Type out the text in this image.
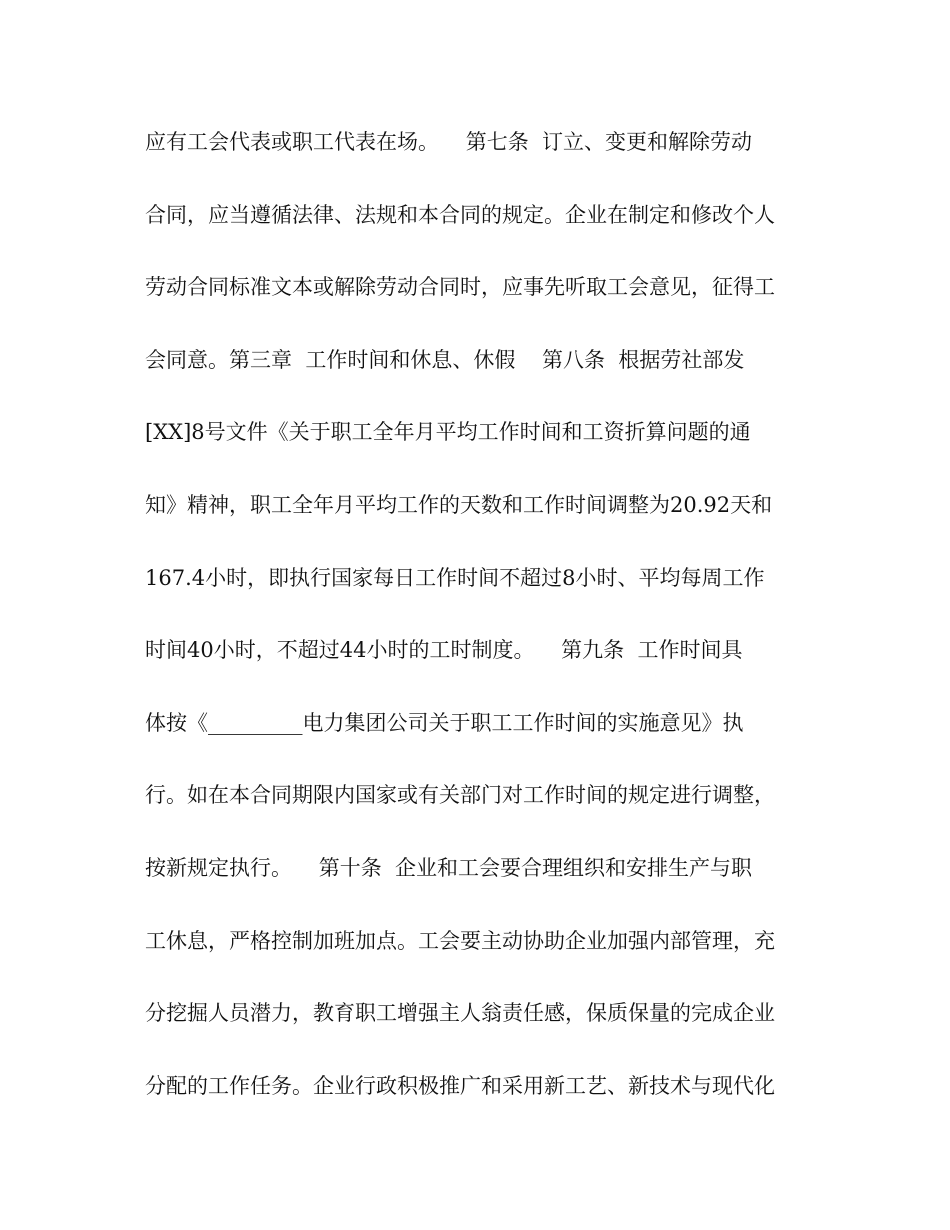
应有工会代表或职工代表在场。    第七条  订立、变更和解除劳动
合同，应当遵循法律、法规和本合同的规定。企业在制定和修改个人
劳动合同标准文本或解除劳动合同时，应事先听取工会意见，征得工
会同意。第三章  工作时间和休息、休假    第八条  根据劳社部发
[XX]8号文件《关于职工全年月平均工作时间和工资折算问题的通
知》精神，职工全年月平均工作的天数和工作时间调整为20.92天和
167.4小时，即执行国家每日工作时间不超过8小时、平均每周工作
时间40小时，不超过44小时的工时制度。    第九条  工作时间具
体按《_________电力集团公司关于职工工作时间的实施意见》执
行。如在本合同期限内国家或有关部门对工作时间的规定进行调整，
按新规定执行。    第十条  企业和工会要合理组织和安排生产与职
工休息，严格控制加班加点。工会要主动协助企业加强内部管理，充
分挖掘人员潜力，教育职工增强主人翁责任感，保质保量的完成企业
分配的工作任务。企业行政积极推广和采用新工艺、新技术与现代化
